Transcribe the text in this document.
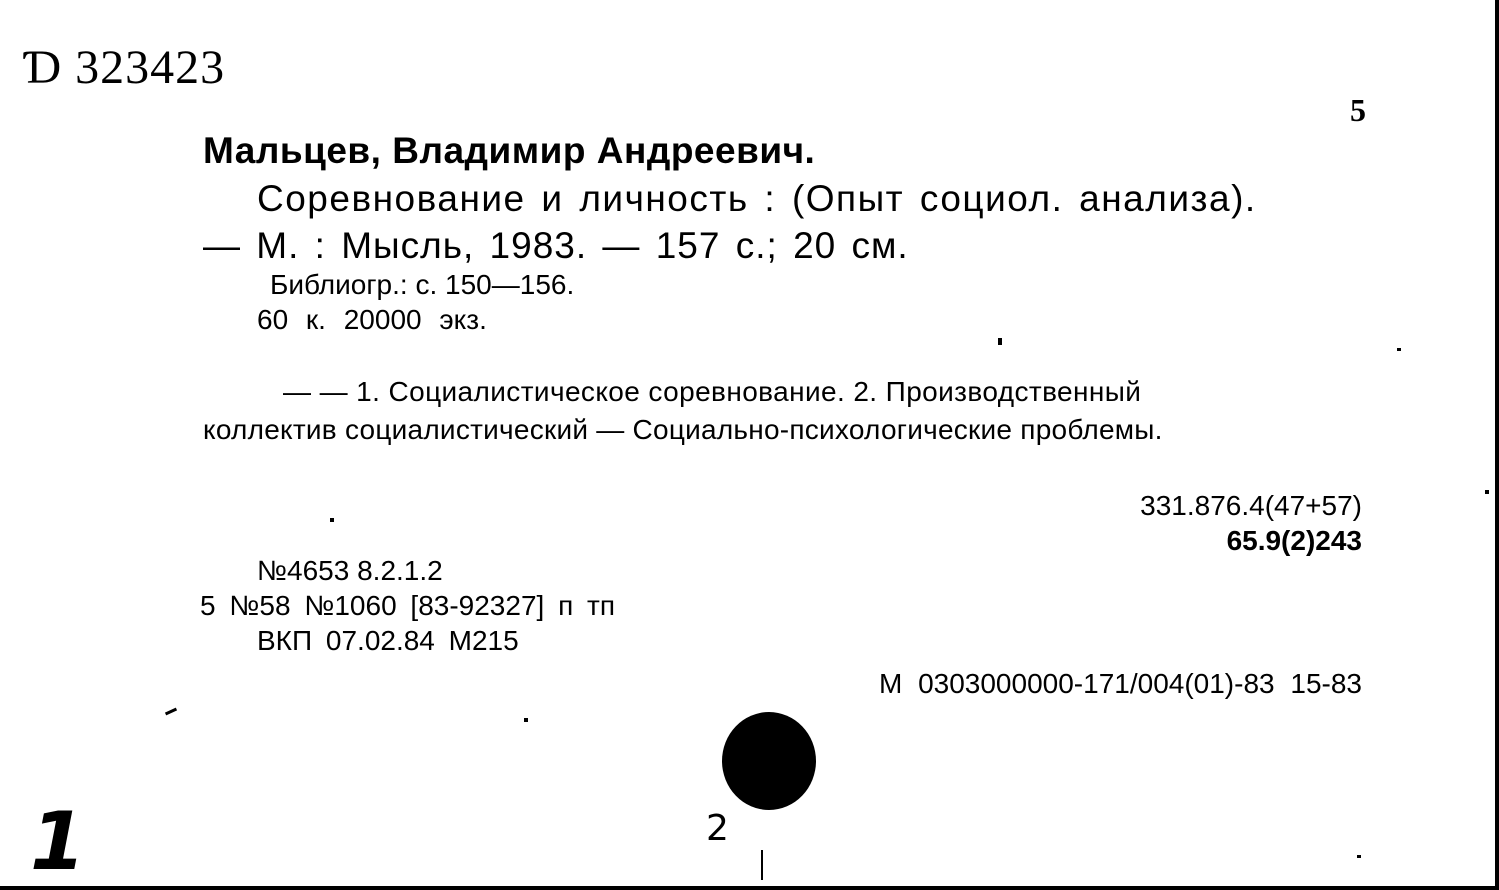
Ɗ 323423
5
Мальцев, Владимир Андреевич.
Соревнование и личность : (Опыт социол. анализа).
— М. : Мысль, 1983. — 157 с.; 20 см.
Библиогр.: с. 150—156.
60 к. 20000 экз.
— — 1. Социалистическое соревнование. 2. Производственный
коллектив социалистический — Социально-психологические проблемы.
331.876.4(47+57)
65.9(2)243
№4653 8.2.1.2
5 №58 №1060 [83-92327] п тп
ВКП 07.02.84 М215
М 0303000000-171/004(01)-83 15-83
1	2
